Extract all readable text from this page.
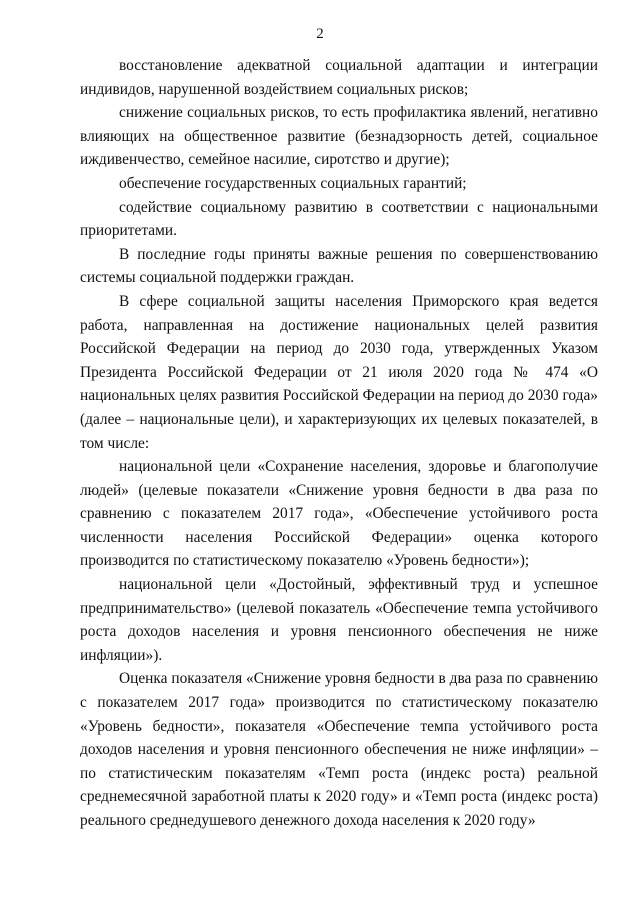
2

восстановление адекватной социальной адаптации и интеграции индивидов, нарушенной воздействием социальных рисков;

снижение социальных рисков, то есть профилактика явлений, негативно влияющих на общественное развитие (безнадзорность детей, социальное иждивенчество, семейное насилие, сиротство и другие);

обеспечение государственных социальных гарантий;

содействие социальному развитию в соответствии с национальными приоритетами.

В последние годы приняты важные решения по совершенствованию системы социальной поддержки граждан.

В сфере социальной защиты населения Приморского края ведется работа, направленная на достижение национальных целей развития Российской Федерации на период до 2030 года, утвержденных Указом Президента Российской Федерации от 21 июля 2020 года № 474 «О национальных целях развития Российской Федерации на период до 2030 года» (далее – национальные цели), и характеризующих их целевых показателей, в том числе:

национальной цели «Сохранение населения, здоровье и благополучие людей» (целевые показатели «Снижение уровня бедности в два раза по сравнению с показателем 2017 года», «Обеспечение устойчивого роста численности населения Российской Федерации» оценка которого производится по статистическому показателю «Уровень бедности»);

национальной цели «Достойный, эффективный труд и успешное предпринимательство» (целевой показатель «Обеспечение темпа устойчивого роста доходов населения и уровня пенсионного обеспечения не ниже инфляции»).

Оценка показателя «Снижение уровня бедности в два раза по сравнению с показателем 2017 года» производится по статистическому показателю «Уровень бедности», показателя «Обеспечение темпа устойчивого роста доходов населения и уровня пенсионного обеспечения не ниже инфляции» – по статистическим показателям «Темп роста (индекс роста) реальной среднемесячной заработной платы к 2020 году» и «Темп роста (индекс роста) реального среднедушевого денежного дохода населения к 2020 году»
